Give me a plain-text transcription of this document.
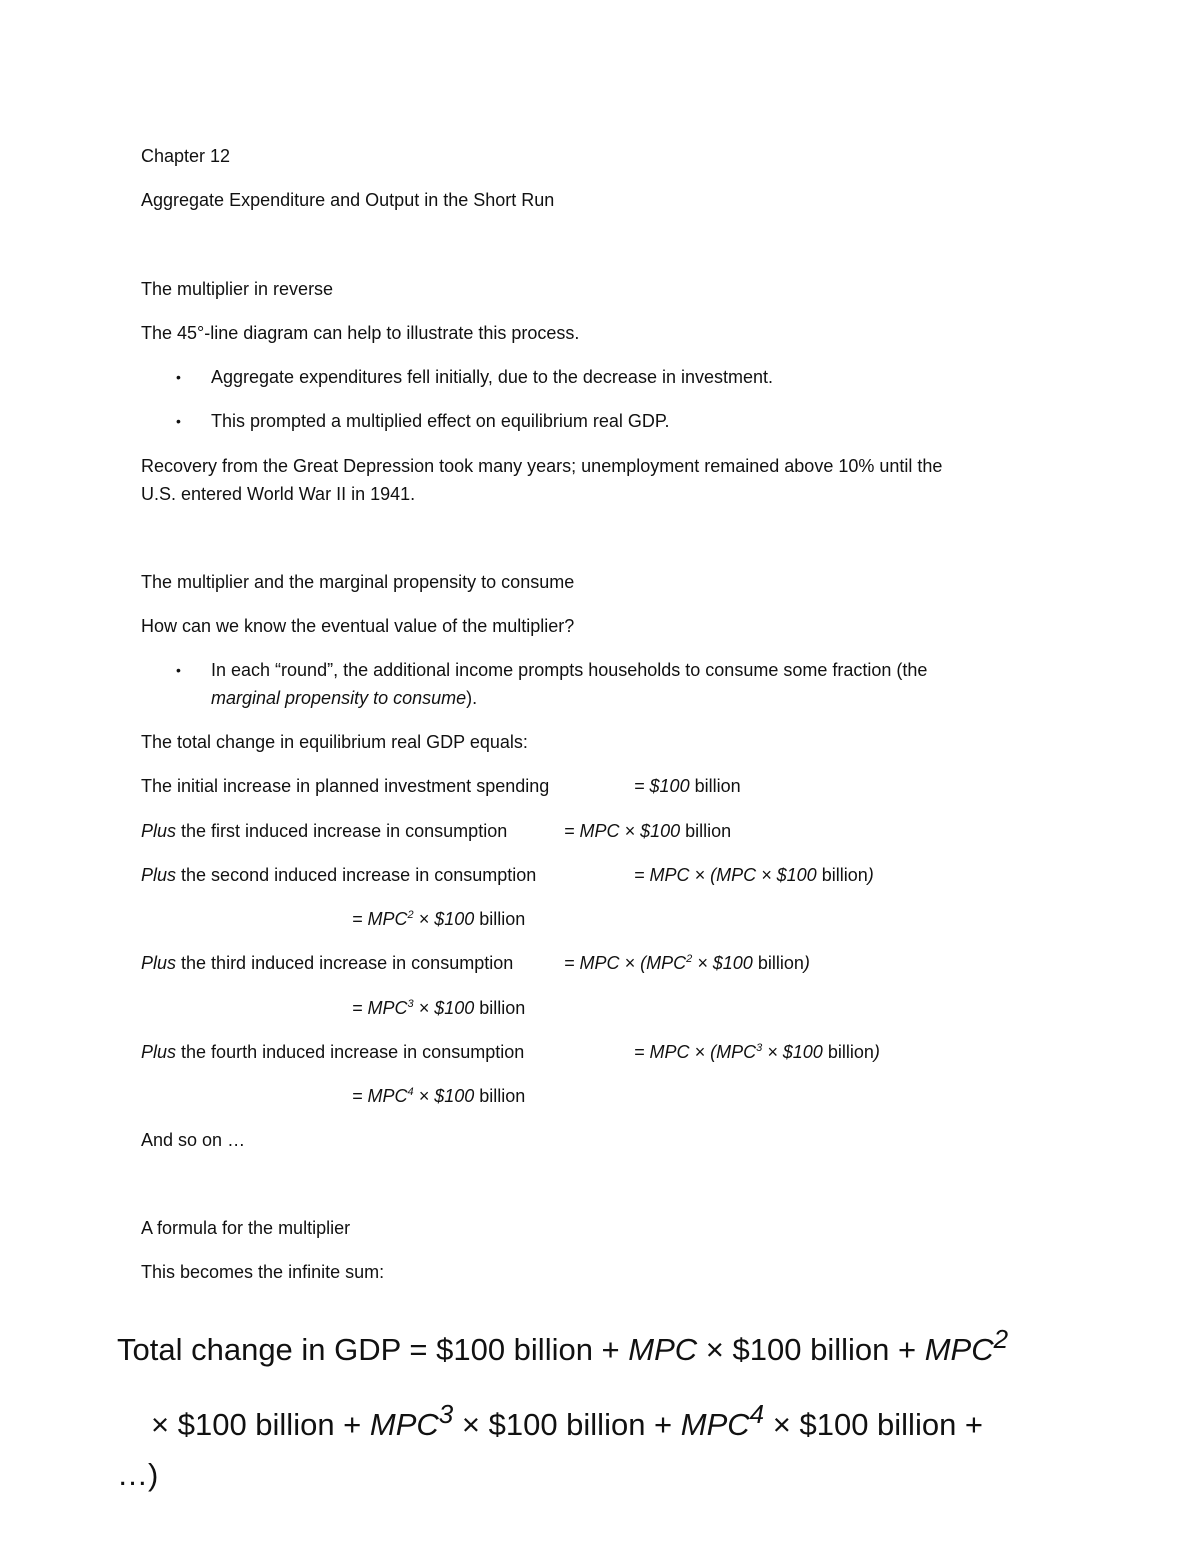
Chapter 12
Aggregate Expenditure and Output in the Short Run
The multiplier in reverse
The 45°-line diagram can help to illustrate this process.
• Aggregate expenditures fell initially, due to the decrease in investment.
• This prompted a multiplied effect on equilibrium real GDP.
Recovery from the Great Depression took many years; unemployment remained above 10% until the
U.S. entered World War II in 1941.
The multiplier and the marginal propensity to consume
How can we know the eventual value of the multiplier?
• In each “round”, the additional income prompts households to consume some fraction (the
marginal propensity to consume).
The total change in equilibrium real GDP equals:
The initial increase in planned investment spending	= $100 billion
Plus the first induced increase in consumption	= MPC × $100 billion
Plus the second induced increase in consumption	= MPC × (MPC × $100 billion)
= $MPC^2$ × $100 billion
Plus the third induced increase in consumption	= MPC × ($MPC^2$ × $100 billion)
= $MPC^3$ × $100 billion
Plus the fourth induced increase in consumption	= MPC × ($MPC^3$ × $100 billion)
= $MPC^4$ × $100 billion
And so on …
A formula for the multiplier
This becomes the infinite sum:
Total change in GDP = $100 billion + MPC × $100 billion + $MPC^2$
× $100 billion + $MPC^3$ × $100 billion + $MPC^4$ × $100 billion +
…)
